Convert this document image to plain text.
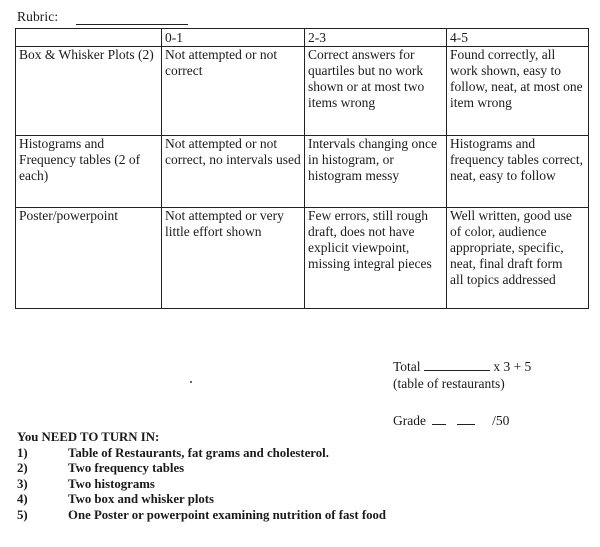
Rubric:
	0-1	2-3	4-5
Box & Whisker Plots (2)	Not attempted or not correct	Correct answers for quartiles but no work shown or at most two items wrong	Found correctly, all work shown, easy to follow, neat, at most one item wrong
Histograms and Frequency tables (2 of each)	Not attempted or not correct, no intervals used	Intervals changing once in histogram, or histogram messy	Histograms and frequency tables correct, neat, easy to follow
Poster/powerpoint	Not attempted or very little effort shown	Few errors, still rough draft, does not have explicit viewpoint, missing integral pieces	Well written, good use of color, audience appropriate, specific, neat, final draft form    all topics addressed
Total	x 3 + 5
(table of restaurants)
Grade	/50
You NEED TO TURN IN:
1)	Table of Restaurants, fat grams and cholesterol.
2)	Two frequency tables
3)	Two histograms
4)	Two box and whisker plots
5)	One Poster or powerpoint examining nutrition of fast food
